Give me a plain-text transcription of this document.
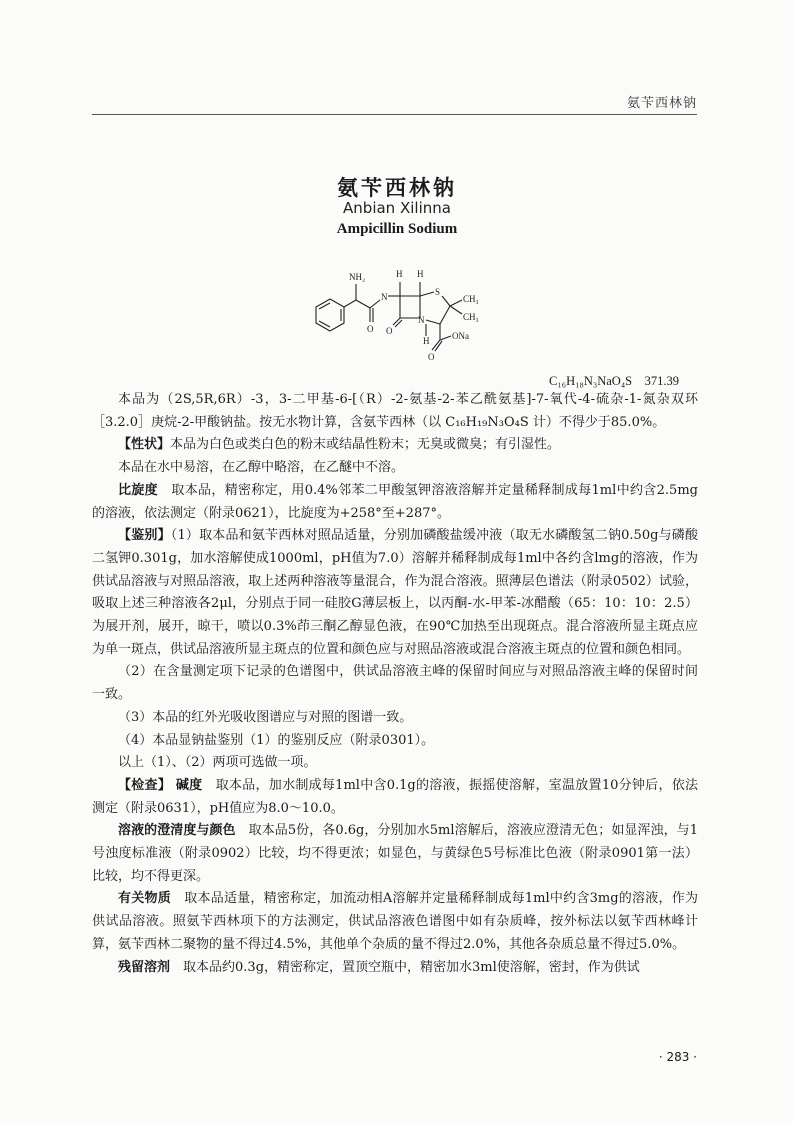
氨苄西林钠
氨苄西林钠
Anbian Xilinna
Ampicillin Sodium
NH₂	H H
N	S
CH₃
CH₃
H
N
O O
O
ONa
C₁₆H₁₈N₃NaO₄S　371.39

本品为（2S,5R,6R）-3，3-二甲基-6-[（R）-2-氨基-2-苯乙酰氨基]-7-氧代-4-硫杂-1-氮杂双环［3.2.0］庚烷-2-甲酸钠盐。按无水物计算，含氨苄西林（以 C₁₆H₁₉N₃O₄S 计）不得少于85.0%。

【性状】本品为白色或类白色的粉末或结晶性粉末；无臭或微臭；有引湿性。

本品在水中易溶，在乙醇中略溶，在乙醚中不溶。

比旋度　 取本品，精密称定，用0.4%邻苯二甲酸氢钾溶液溶解并定量稀释制成每1ml中约含2.5mg的溶液，依法测定（附录0621），比旋度为+258°至+287°。

【鉴别】（1）取本品和氨苄西林对照品适量，分别加磷酸盐缓冲液（取无水磷酸氢二钠0.50g与磷酸二氢钾0.301g，加水溶解使成1000ml，pH值为7.0）溶解并稀释制成每1ml中各约含lmg的溶液，作为供试品溶液与对照品溶液，取上述两种溶液等量混合，作为混合溶液。照薄层色谱法（附录0502）试验，吸取上述三种溶液各2μl，分别点于同一硅胶G薄层板上，以丙酮-水-甲苯-冰醋酸（65：10：10：2.5）为展开剂，展开，晾干，喷以0.3%茚三酮乙醇显色液，在90℃加热至出现斑点。混合溶液所显主斑点应为单一斑点，供试品溶液所显主斑点的位置和颜色应与对照品溶液或混合溶液主斑点的位置和颜色相同。

（2）在含量测定项下记录的色谱图中，供试品溶液主峰的保留时间应与对照品溶液主峰的保留时间一致。

（3）本品的红外光吸收图谱应与对照的图谱一致。

（4）本品显钠盐鉴别（1）的鉴别反应（附录0301）。

以上（1）、（2）两项可选做一项。

【检查】 碱度　 取本品，加水制成每1ml中含0.1g的溶液，振摇使溶解，室温放置10分钟后，依法测定（附录0631），pH值应为8.0～10.0。

溶液的澄清度与颜色　 取本品5份，各0.6g，分别加水5ml溶解后，溶液应澄清无色；如显浑浊，与1号浊度标准液（附录0902）比较，均不得更浓；如显色，与黄绿色5号标准比色液（附录0901第一法）比较，均不得更深。

有关物质　 取本品适量，精密称定，加流动相A溶解并定量稀释制成每1ml中约含3mg的溶液，作为供试品溶液。照氨苄西林项下的方法测定，供试品溶液色谱图中如有杂质峰，按外标法以氨苄西林峰计算，氨苄西林二聚物的量不得过4.5%，其他单个杂质的量不得过2.0%，其他各杂质总量不得过5.0%。

残留溶剂　 取本品约0.3g，精密称定，置顶空瓶中，精密加水3ml使溶解，密封，作为供试

· 283 ·
